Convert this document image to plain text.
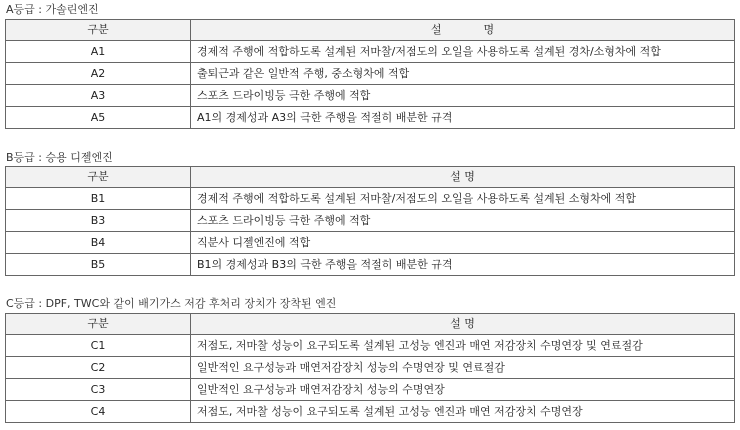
A등급 : 가솔린엔진
구분	설            명
A1	경제적 주행에 적합하도록 설계된 저마찰/저점도의 오일을 사용하도록 설계된 경차/소형차에 적합
A2	출퇴근과 같은 일반적 주행, 중소형차에 적합
A3	스포츠 드라이빙등 극한 주행에 적합
A5	A1의 경제성과 A3의 극한 주행을 적절히 배분한 규격
B등급 : 승용 디젤엔진
구분	설 명
B1	경제적 주행에 적합하도록 설계된 저마찰/저점도의 오일을 사용하도록 설계된 소형차에 적합
B3	스포츠 드라이빙등 극한 주행에 적합
B4	직분사 디젤엔진에 적합
B5	B1의 경제성과 B3의 극한 주행을 적절히 배분한 규격
C등급 : DPF, TWC와 같이 배기가스 저감 후처리 장치가 장착된 엔진
구분	설 명
C1	저점도, 저마찰 성능이 요구되도록 설계된 고성능 엔진과 매연 저감장치 수명연장 및 연료절감
C2	일반적인 요구성능과 매연저감장치 성능의 수명연장 및 연료절감
C3	일반적인 요구성능과 매연저감장치 성능의 수명연장
C4	저점도, 저마찰 성능이 요구되도록 설계된 고성능 엔진과 매연 저감장치 수명연장
